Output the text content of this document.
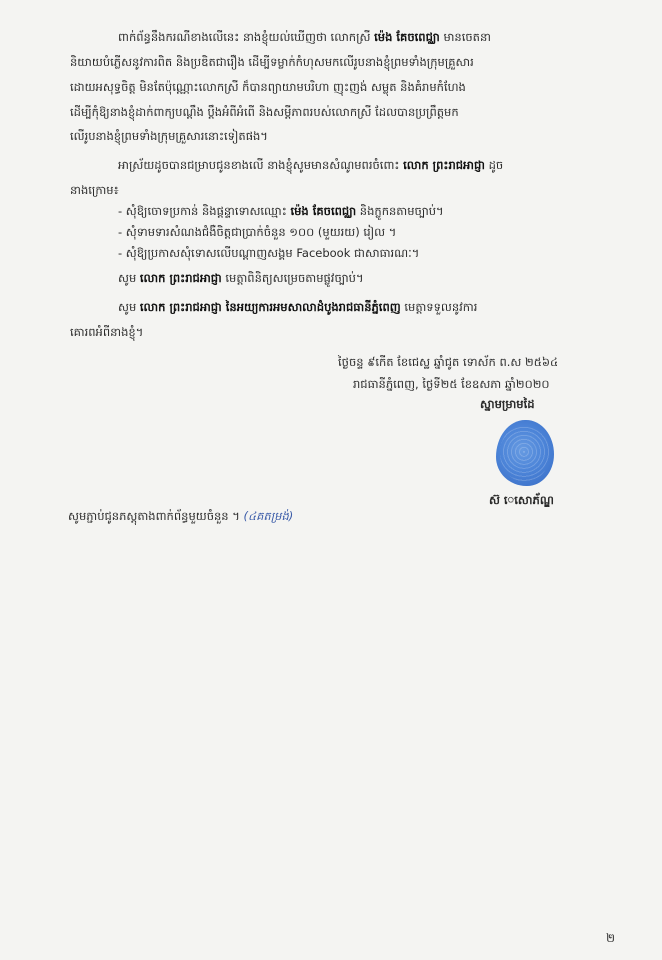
ពាក់ព័ន្ធនឹងករណីខាងលើនេះ នាងខ្ញុំយល់ឃើញថា លោកស្រី ម៉េង គែចពេជ្ឈា មានចេតនា
និយាយបំភ្លើសនូវការពិត និងប្រឌិតជារឿង ដើម្បីទម្លាក់កំហុសមកលើរូបនាងខ្ញុំព្រមទាំងក្រុមគ្រួសារ
ដោយអសុទ្ធចិត្ត មិនតែប៉ុណ្ណោះលោកស្រី ក៏បានព្យាយាមបរិហា ញុះញង់ សម្លុត និងគំរាមកំហែង
ដើម្បីកុំឱ្យនាងខ្ញុំដាក់ពាក្យបណ្ដឹង ប្ដឹងអំពីអំពើ និងសម្ដីភាពរបស់លោកស្រី ដែលបានប្រព្រឹត្តមក
លើរូបនាងខ្ញុំព្រមទាំងក្រុមគ្រួសារនោះទៀតផង។
អាស្រ័យដូចបានជម្រាបជូនខាងលើ នាងខ្ញុំសូមមានសំណូមពរចំពោះ លោក ព្រះរាជអាជ្ញា ដូច
នាងក្រោម៖
- សុំឱ្យចោទប្រកាន់ និងផ្ដន្ទាទោសឈ្មោះ ម៉េង គែចពេជ្ឈា និងក្លូកនតាមច្បាប់។
- សុំទាមទារសំណងជំងឺចិត្តជាប្រាក់ចំនួន ១០០ (មួយរយ) រៀល ។
- សុំឱ្យប្រកាសសុំទោសលើបណ្ដាញសង្គម Facebook ជាសាធារណៈ។
សូម លោក ព្រះរាជអាជ្ញា មេត្តាពិនិត្យសម្រេចតាមផ្លូវច្បាប់។
សូម លោក ព្រះរាជអាជ្ញា នៃអយ្យការអមសាលាដំបូងរាជធានីភ្នំពេញ មេត្តាទទួលនូវការ
គោរពអំពីនាងខ្ញុំ។
ថ្ងៃចន្ទ ៩កើត ខែជេស្ឋ ឆ្នាំជូត ទោស័ក ព.ស ២៥៦៤
រាជធានីភ្នំពេញ, ថ្ងៃទី២៥ ខែឧសភា ឆ្នាំ២០២០
ស្នាមម្រាមដៃ
ស៊ េសោភ័ណ្ឌ
សូមភ្ជាប់ជូនភស្តុតាងពាក់ព័ន្ធមួយចំនួន ។ (៤គតម្រង់)
២
